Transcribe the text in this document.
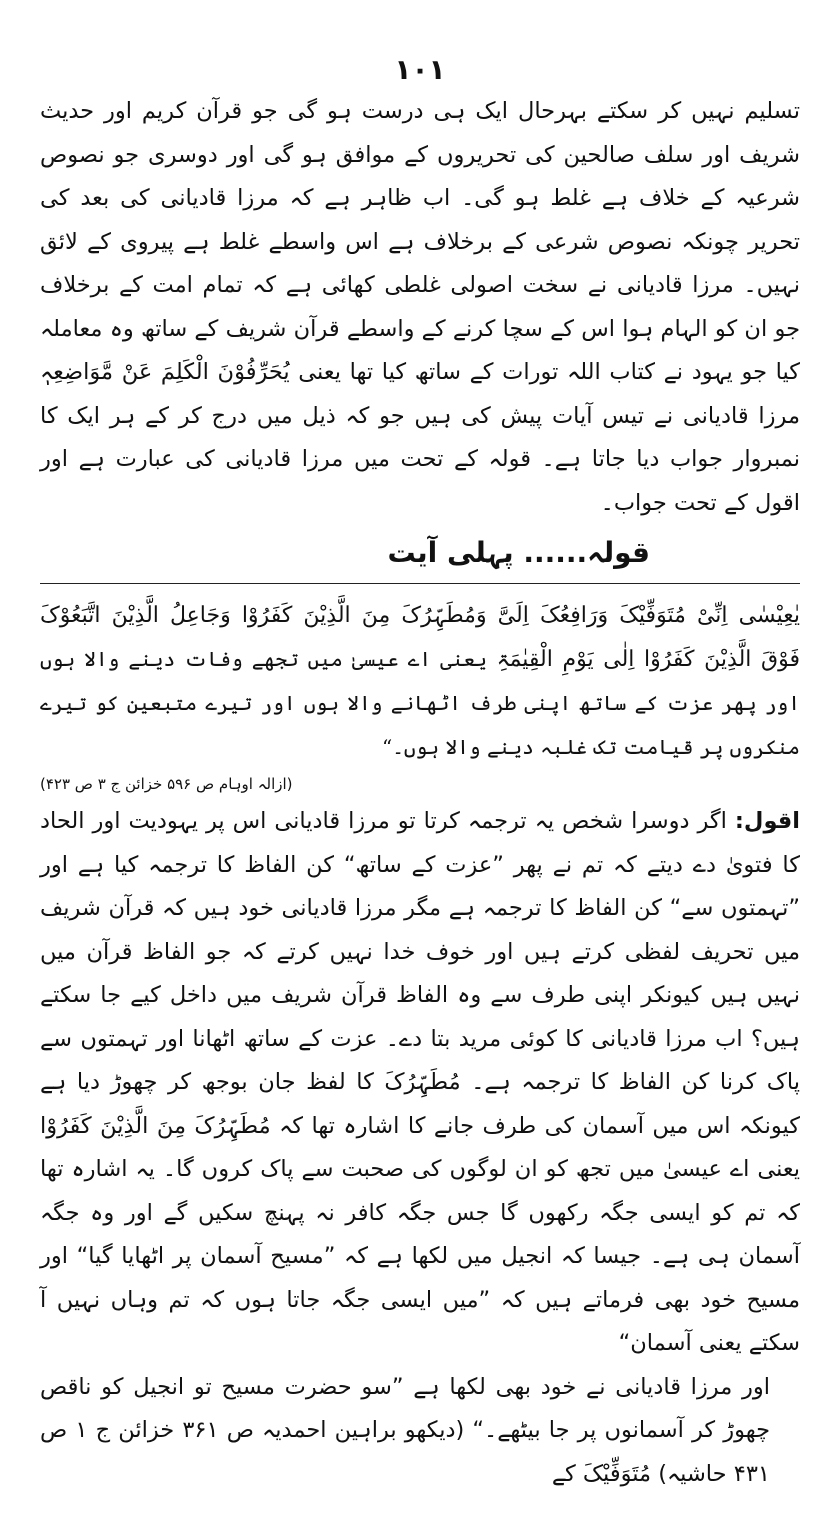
١٠١

تسلیم نہیں کر سکتے بہرحال ایک ہی درست ہو گی جو قرآن کریم اور حدیث شریف اور سلف صالحین کی تحریروں کے موافق ہو گی اور دوسری جو نصوص شرعیہ کے خلاف ہے غلط ہو گی۔ اب ظاہر ہے کہ مرزا قادیانی کی بعد کی تحریر چونکہ نصوص شرعی کے برخلاف ہے اس واسطے غلط ہے پیروی کے لائق نہیں۔ مرزا قادیانی نے سخت اصولی غلطی کھائی ہے کہ تمام امت کے برخلاف جو ان کو الہام ہوا اس کے سچا کرنے کے واسطے قرآن شریف کے ساتھ وہ معاملہ کیا جو یہود نے کتاب اللہ تورات کے ساتھ کیا تھا یعنی یُحَرِّفُوْنَ الْکَلِمَ عَنْ مَّوَاضِعِہٖ مرزا قادیانی نے تیس آیات پیش کی ہیں جو کہ ذیل میں درج کر کے ہر ایک کا نمبروار جواب دیا جاتا ہے۔ قولہ کے تحت میں مرزا قادیانی کی عبارت ہے اور اقول کے تحت جواب۔

قولہ...... پہلی آیت

یٰعِیْسٰی اِنِّیْ مُتَوَفِّیْکَ وَرَافِعُکَ اِلَیَّ وَمُطَہِّرُکَ مِنَ الَّذِیْنَ کَفَرُوْا وَجَاعِلُ الَّذِیْنَ اتَّبَعُوْکَ فَوْقَ الَّذِیْنَ کَفَرُوْا اِلٰی یَوْمِ الْقِیٰمَۃِ یعنی اے عیسیٰ میں تجھے وفات دینے والا ہوں اور پھر عزت کے ساتھ اپنی طرف اٹھانے والا ہوں اور تیرے متبعین کو تیرے منکروں پر قیامت تک غلبہ دینے والا ہوں۔“

(ازالہ اوہام ص ۵۹۶ خزائن ج ۳ ص ۴۲۳)

اقول: اگر دوسرا شخص یہ ترجمہ کرتا تو مرزا قادیانی اس پر یہودیت اور الحاد کا فتویٰ دے دیتے کہ تم نے پھر ”عزت کے ساتھ“ کن الفاظ کا ترجمہ کیا ہے اور ”تہمتوں سے“ کن الفاظ کا ترجمہ ہے مگر مرزا قادیانی خود ہیں کہ قرآن شریف میں تحریف لفظی کرتے ہیں اور خوف خدا نہیں کرتے کہ جو الفاظ قرآن میں نہیں ہیں کیونکر اپنی طرف سے وہ الفاظ قرآن شریف میں داخل کیے جا سکتے ہیں؟ اب مرزا قادیانی کا کوئی مرید بتا دے۔ عزت کے ساتھ اٹھانا اور تہمتوں سے پاک کرنا کن الفاظ کا ترجمہ ہے۔ مُطَہِّرُکَ کا لفظ جان بوجھ کر چھوڑ دیا ہے کیونکہ اس میں آسمان کی طرف جانے کا اشارہ تھا کہ مُطَہِّرُکَ مِنَ الَّذِیْنَ کَفَرُوْا یعنی اے عیسیٰ میں تجھ کو ان لوگوں کی صحبت سے پاک کروں گا۔ یہ اشارہ تھا کہ تم کو ایسی جگہ رکھوں گا جس جگہ کافر نہ پہنچ سکیں گے اور وہ جگہ آسمان ہی ہے۔ جیسا کہ انجیل میں لکھا ہے کہ ”مسیح آسمان پر اٹھایا گیا“ اور مسیح خود بھی فرماتے ہیں کہ ”میں ایسی جگہ جاتا ہوں کہ تم وہاں نہیں آ سکتے یعنی آسمان“

اور مرزا قادیانی نے خود بھی لکھا ہے ”سو حضرت مسیح تو انجیل کو ناقص چھوڑ کر آسمانوں پر جا بیٹھے۔“ (دیکھو براہین احمدیہ ص ۳۶۱ خزائن ج ۱ ص ۴۳۱ حاشیہ) مُتَوَفِّیْکَ کے
